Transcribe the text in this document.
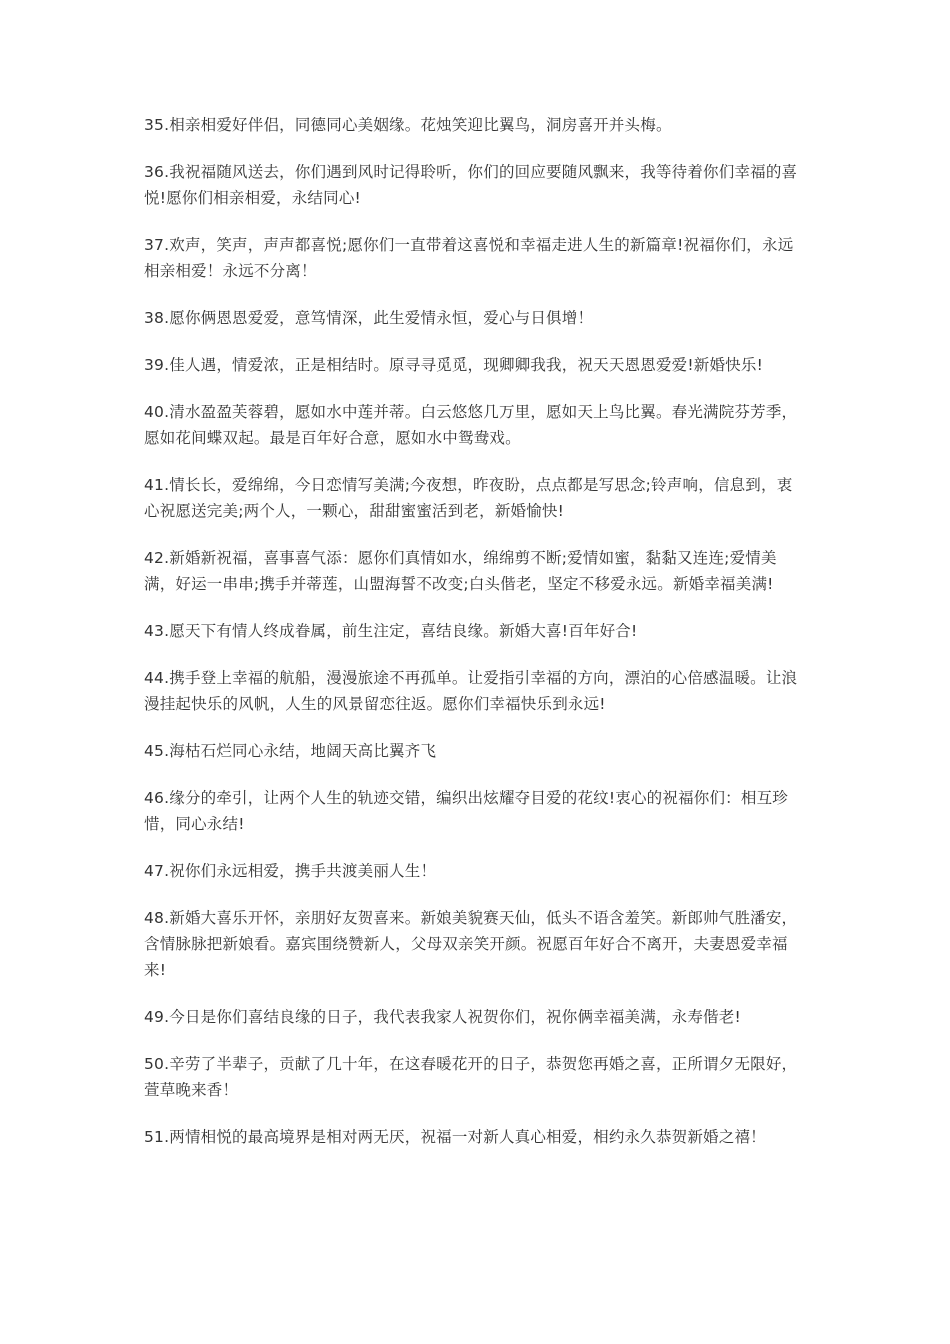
35.相亲相爱好伴侣，同德同心美姻缘。花烛笑迎比翼鸟，洞房喜开并头梅。

36.我祝福随风送去，你们遇到风时记得聆听，你们的回应要随风飘来，我等待着你们幸福的喜悦!愿你们相亲相爱，永结同心!

37.欢声，笑声，声声都喜悦;愿你们一直带着这喜悦和幸福走进人生的新篇章!祝福你们，永远相亲相爱！永远不分离！

38.愿你俩恩恩爱爱，意笃情深，此生爱情永恒，爱心与日俱增！

39.佳人遇，情爱浓，正是相结时。原寻寻觅觅，现卿卿我我，祝天天恩恩爱爱!新婚快乐!

40.清水盈盈芙蓉碧，愿如水中莲并蒂。白云悠悠几万里，愿如天上鸟比翼。春光满院芬芳季，愿如花间蝶双起。最是百年好合意，愿如水中鸳鸯戏。

41.情长长，爱绵绵，今日恋情写美满;今夜想，昨夜盼，点点都是写思念;铃声响，信息到，衷心祝愿送完美;两个人，一颗心，甜甜蜜蜜活到老，新婚愉快!

42.新婚新祝福，喜事喜气添：愿你们真情如水，绵绵剪不断;爱情如蜜，黏黏又连连;爱情美满，好运一串串;携手并蒂莲，山盟海誓不改变;白头偕老，坚定不移爱永远。新婚幸福美满!

43.愿天下有情人终成眷属，前生注定，喜结良缘。新婚大喜!百年好合!

44.携手登上幸福的航船，漫漫旅途不再孤单。让爱指引幸福的方向，漂泊的心倍感温暖。让浪漫挂起快乐的风帆，人生的风景留恋往返。愿你们幸福快乐到永远!

45.海枯石烂同心永结，地阔天高比翼齐飞

46.缘分的牵引，让两个人生的轨迹交错，编织出炫耀夺目爱的花纹!衷心的祝福你们：相互珍惜，同心永结!

47.祝你们永远相爱，携手共渡美丽人生！

48.新婚大喜乐开怀，亲朋好友贺喜来。新娘美貌赛天仙，低头不语含羞笑。新郎帅气胜潘安，含情脉脉把新娘看。嘉宾围绕赞新人，父母双亲笑开颜。祝愿百年好合不离开，夫妻恩爱幸福来!

49.今日是你们喜结良缘的日子，我代表我家人祝贺你们，祝你俩幸福美满，永寿偕老!

50.辛劳了半辈子，贡献了几十年，在这春暖花开的日子，恭贺您再婚之喜，正所谓夕无限好，萱草晚来香！

51.两情相悦的最高境界是相对两无厌，祝福一对新人真心相爱，相约永久恭贺新婚之禧！
